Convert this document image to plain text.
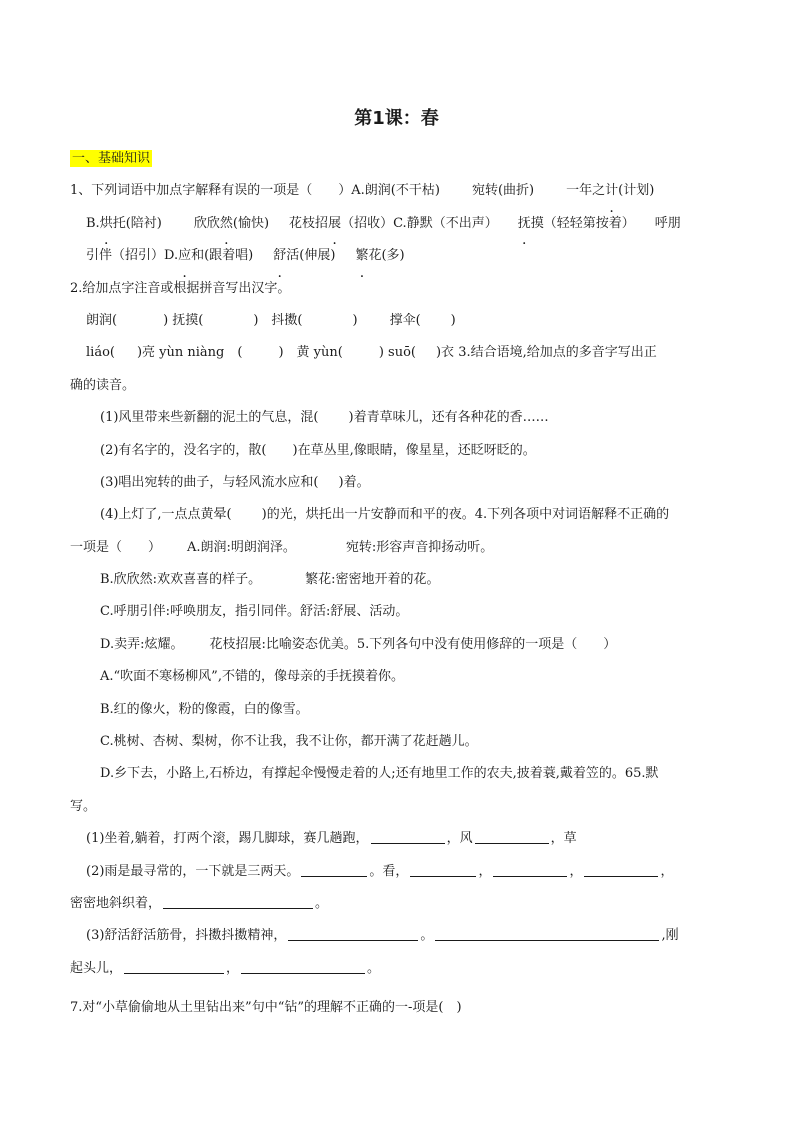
第1课：春
一、基础知识
1、下列词语中加点字解释有误的一项是（　　）A.朗润(不干枯) 宛转(曲折) 一年之计(计划)
B.烘托(陪衬) 欣欣然(愉快) 花枝招展（招收）C.静默（不出声） 抚摸（轻轻第按着） 呼朋
引伴（招引）D.应和(跟着唱) 舒活(伸展) 繁花(多)
2.给加点字注音或根据拼音写出汉字。
朗润(	) 抚摸(	)　抖擞(	) 撑伞( )
liáo( )亮 yùn niàng　(	)　黄 yùn(	) suō( )衣 3.结合语境,给加点的多音字写出正
确的读音。
(1)风里带来些新翻的泥土的气息，混( )着青草味儿，还有各种花的香……
(2)有名字的，没名字的，散( )在草丛里,像眼睛，像星星，还眨呀眨的。
(3)唱出宛转的曲子，与轻风流水应和( )着。
(4)上灯了,一点点黄晕( )的光，烘托出一片安静而和平的夜。4.下列各项中对词语解释不正确的
一项是（　　） A.朗润:明朗润泽。	宛转:形容声音抑扬动听。
B.欣欣然:欢欢喜喜的样子。	繁花:密密地开着的花。
C.呼朋引伴:呼唤朋友，指引同伴。舒活:舒展、活动。
D.卖弄:炫耀。 花枝招展:比喻姿态优美。5.下列各句中没有使用修辞的一项是（　　）
A.“吹面不寒杨柳风”,不错的，像母亲的手抚摸着你。
B.红的像火，粉的像霞，白的像雪。
C.桃树、杏树、梨树，你不让我，我不让你，都开满了花赶趟儿。
D.乡下去，小路上,石桥边，有撑起伞慢慢走着的人;还有地里工作的农夫,披着蓑,戴着笠的。65.默
写。
(1)坐着,躺着，打两个滚，踢几脚球，赛几趟跑，	，风	，草
(2)雨是最寻常的，一下就是三两天。	。看，	，	，	，
密密地斜织着，	。
(3)舒活舒活筋骨，抖擞抖擞精神，	。	,刚
起头儿，	，	。
7.对“小草偷偷地从土里钻出来”句中“钻”的理解不正确的一-项是(　)
